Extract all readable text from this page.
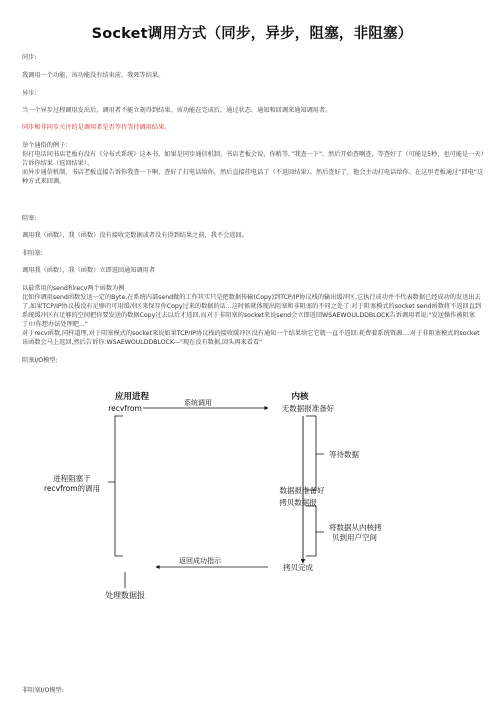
Socket调用方式（同步，异步，阻塞，非阻塞）

同步:

我调用一个功能，该功能没有结束前，我死等结果。

异步:

当一个异步过程调用发出后，调用者不能立刻得到结果。该功能在完成后，通过状态、通知和回调来通知调用者。

同步和非同步关注的是调用者是否等待等待调用结果。

举个通俗的例子：

你打电话问书店老板有没有《分布式系统》这本书，如果是同步通信机制，书店老板会说，你稍等，”我查一下"，然后开始查啊查，等查好了（可能是5秒，也可能是一天）告诉你结果（返回结果）。

而异步通信机制，书店老板直接告诉你我查一下啊，查好了打电话给你，然后直接挂电话了（不返回结果）。然后查好了，他会主动打电话给你。在这里老板通过“回电”这种方式来回调。

阻塞:

调用我（函数），我（函数）没有接收完数据或者没有得到结果之前，我不会返回。

非阻塞:

调用我（函数），我（函数）立即返回通知调用者

以最常用的send和recv两个函数为例

比如你调用send函数发送一定的Byte,在系统内部send做的工作其实只是把数据传输(Copy)到TCP/IP协议栈的输出缓冲区,它执行成功并不代表数据已经成功的发送出去了,如果TCP/IP协议栈没有足够的可用缓冲区来保存你Copy过来的数据的话...这时候就体现出阻塞和非阻塞的不同之处了:对于阻塞模式的socket send函数将不返回直到系统缓冲区有足够的空间把你要发送的数据Copy过去以后才返回,而对于非阻塞的socket来说send会立即返回WSAEWOULDDBLOCK告诉调用者说:"发送操作被阻塞了!!!你想办法处理吧..."

对于recv函数,同样道理,对于阻塞模式的socket来说如果TCP/IP协议栈的接收缓冲区没有通知一个结果给它它就一直不返回:耗费着系统资源....对于非阻塞模式的socket该函数会马上返回,然后告诉你:WSAEWOULDDBLOCK---"现在没有数据,回头再来看看"

阻塞I/O模型:

应用进程
recvfrom
内核
系统调用
无数据报准备好
等待数据
数据报准备好
拷贝数据报
将数据从内核拷
贝到用户空间
进程阻塞于
recvfrom的调用
返回成功指示
拷贝完成
处理数据报

非阻塞I/O模型:
